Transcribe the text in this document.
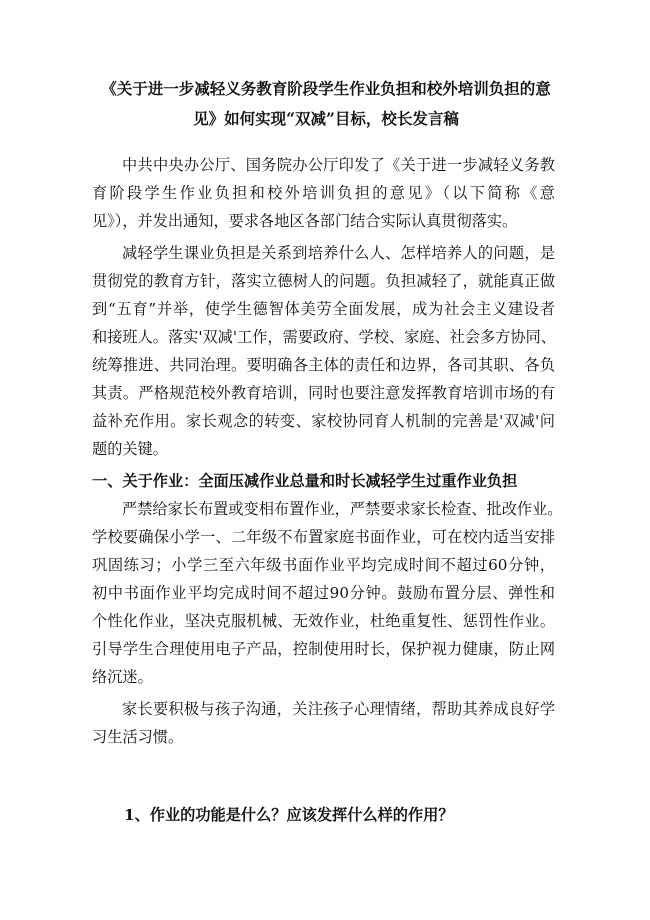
《关于进一步减轻义务教育阶段学生作业负担和校外培训负担的意
见》如何实现“双减”目标，校长发言稿
中共中央办公厅、国务院办公厅印发了《关于进一步减轻义务教
育阶段学生作业负担和校外培训负担的意见》（以下简称《意
见》），并发出通知，要求各地区各部门结合实际认真贯彻落实。
减轻学生课业负担是关系到培养什么人、怎样培养人的问题，是
贯彻党的教育方针，落实立德树人的问题。负担减轻了，就能真正做
到“五育”并举，使学生德智体美劳全面发展，成为社会主义建设者
和接班人。落实'双减'工作，需要政府、学校、家庭、社会多方协同、
统筹推进、共同治理。要明确各主体的责任和边界，各司其职、各负
其责。严格规范校外教育培训，同时也要注意发挥教育培训市场的有
益补充作用。家长观念的转变、家校协同育人机制的完善是'双减'问
题的关键。
一、关于作业：全面压减作业总量和时长减轻学生过重作业负担
严禁给家长布置或变相布置作业，严禁要求家长检查、批改作业。
学校要确保小学一、二年级不布置家庭书面作业，可在校内适当安排
巩固练习；小学三至六年级书面作业平均完成时间不超过60分钟，
初中书面作业平均完成时间不超过90分钟。鼓励布置分层、弹性和
个性化作业，坚决克服机械、无效作业，杜绝重复性、惩罚性作业。
引导学生合理使用电子产品，控制使用时长，保护视力健康，防止网
络沉迷。
家长要积极与孩子沟通，关注孩子心理情绪，帮助其养成良好学
习生活习惯。
1、作业的功能是什么？应该发挥什么样的作用？
